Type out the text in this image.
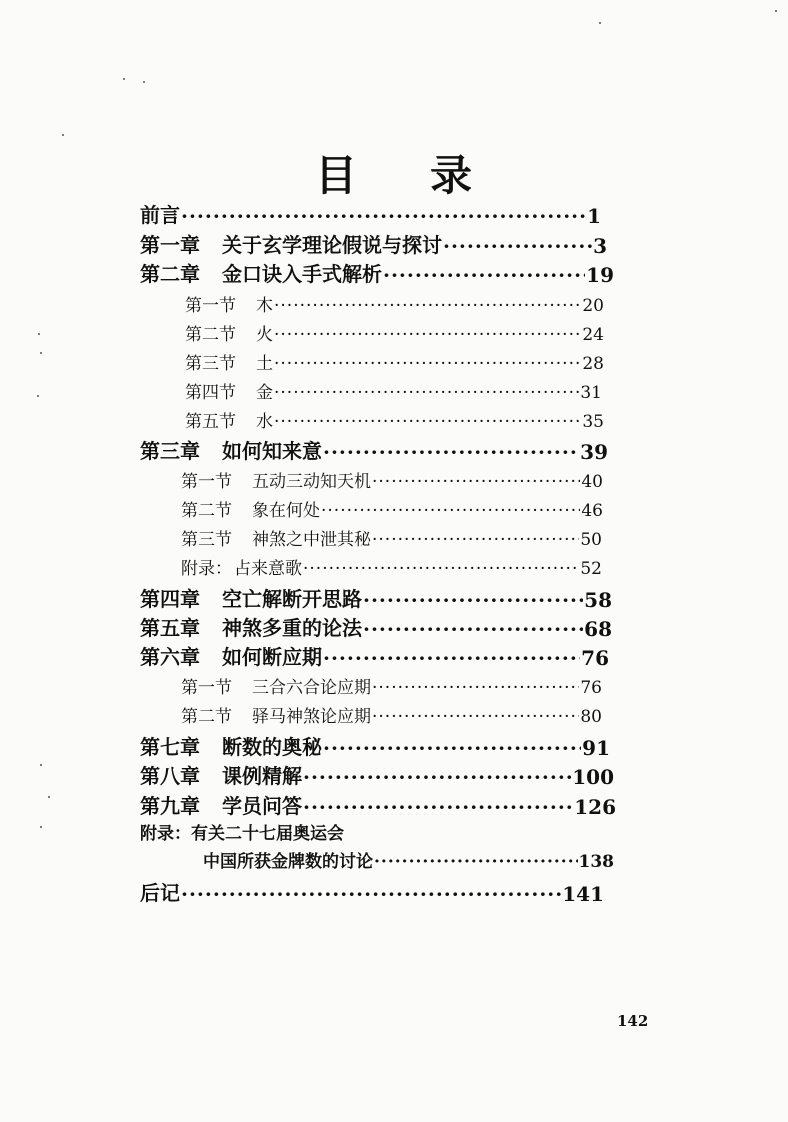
目 录
前言 ·····	1
第一章 关于玄学理论假说与探讨 ·····	3
第二章 金口诀入手式解析 ·····	19
第一节 木 ·····	20
第二节 火 ·····	24
第三节 土 ·····	28
第四节 金 ·····	31
第五节 水 ·····	35
第三章 如何知来意 ·····	39
第一节 五动三动知天机 ·····	40
第二节 象在何处 ·····	46
第三节 神煞之中泄其秘 ·····	50
附录： 占来意歌 ·····	52
第四章 空亡解断开思路 ·····	58
第五章 神煞多重的论法 ·····	68
第六章 如何断应期 ·····	76
第一节 三合六合论应期 ·····	76
第二节 驿马神煞论应期 ·····	80
第七章 断数的奥秘 ·····	91
第八章 课例精解 ·····	100
第九章 学员问答 ·····	126
附录： 有关二十七届奥运会
中国所获金牌数的讨论 ·····	138
后记 ·····	141
142
